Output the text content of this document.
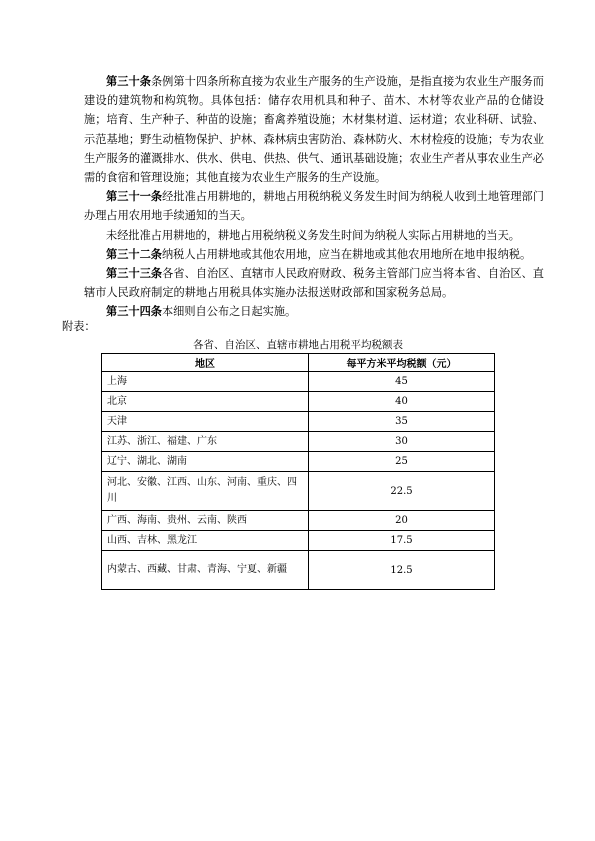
第三十条条例第十四条所称直接为农业生产服务的生产设施，是指直接为农业生产服务而建设的建筑物和构筑物。具体包括：储存农用机具和种子、苗木、木材等农业产品的仓储设施；培育、生产种子、种苗的设施；畜禽养殖设施；木材集材道、运材道；农业科研、试验、示范基地；野生动植物保护、护林、森林病虫害防治、森林防火、木材检疫的设施；专为农业生产服务的灌溉排水、供水、供电、供热、供气、通讯基础设施；农业生产者从事农业生产必需的食宿和管理设施；其他直接为农业生产服务的生产设施。

第三十一条经批准占用耕地的，耕地占用税纳税义务发生时间为纳税人收到土地管理部门办理占用农用地手续通知的当天。

未经批准占用耕地的，耕地占用税纳税义务发生时间为纳税人实际占用耕地的当天。

第三十二条纳税人占用耕地或其他农用地，应当在耕地或其他农用地所在地申报纳税。

第三十三条各省、自治区、直辖市人民政府财政、税务主管部门应当将本省、自治区、直辖市人民政府制定的耕地占用税具体实施办法报送财政部和国家税务总局。

第三十四条本细则自公布之日起实施。

附表：

各省、自治区、直辖市耕地占用税平均税额表
地区	每平方米平均税额（元）
上海	45
北京	40
天津	35
江苏、浙江、福建、广东	30
辽宁、湖北、湖南	25
河北、安徽、江西、山东、河南、重庆、四川	22.5
广西、海南、贵州、云南、陕西	20
山西、吉林、黑龙江	17.5
内蒙古、西藏、甘肃、青海、宁夏、新疆	12.5
